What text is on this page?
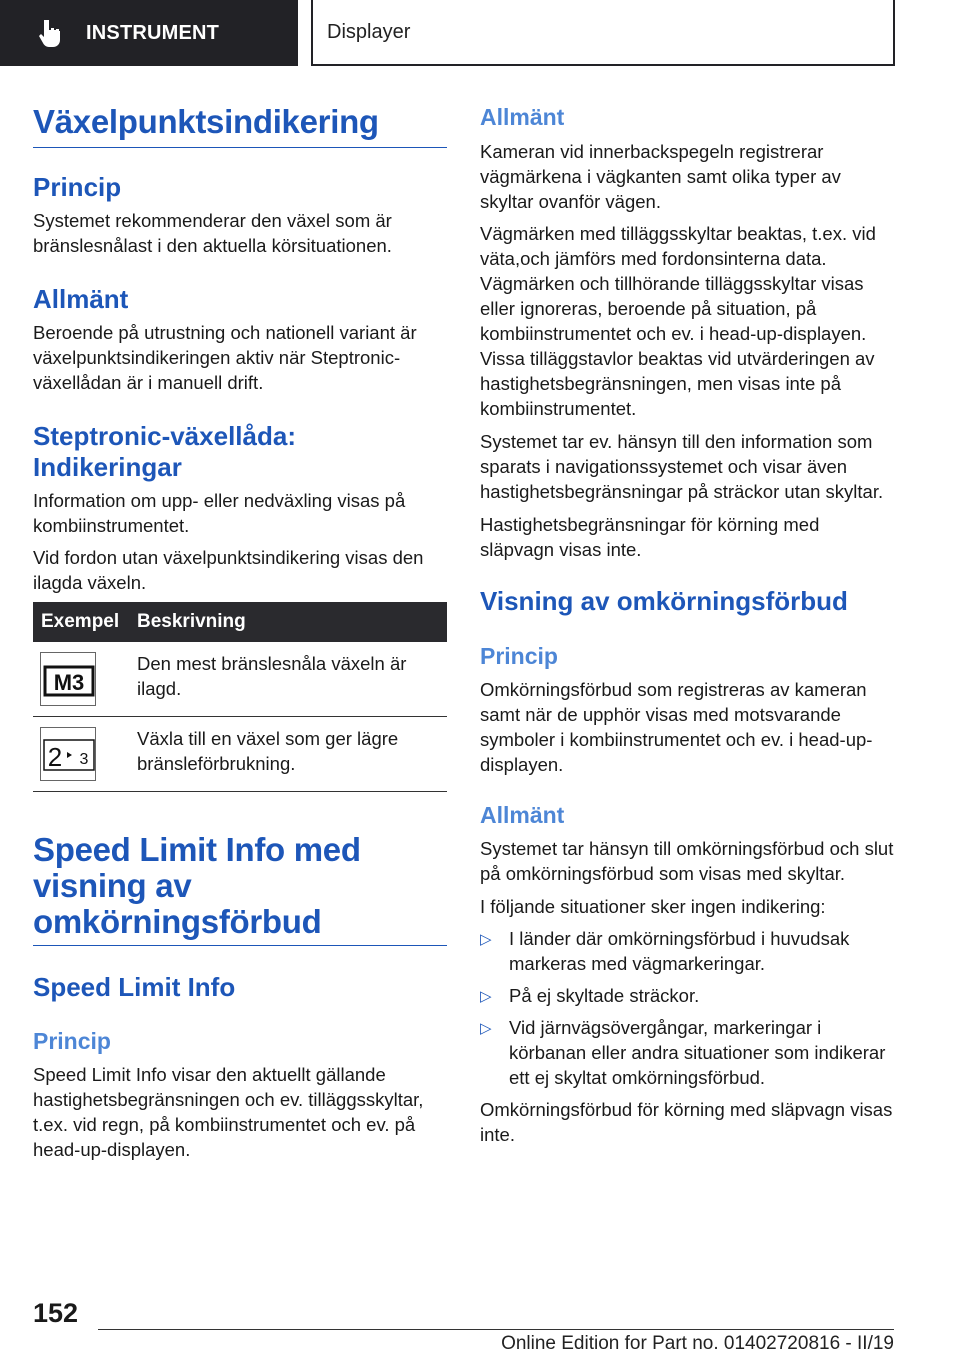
INSTRUMENT	Displayer
Växelpunktsindikering
Princip
Systemet rekommenderar den växel som är bränslesnålast i den aktuella körsituationen.
Allmänt
Beroende på utrustning och nationell variant är växelpunktsindikeringen aktiv när Steptronic-växellådan är i manuell drift.
Steptronic-växellåda:
Indikeringar
Information om upp- eller nedväxling visas på kombiinstrumentet.
Vid fordon utan växelpunktsindikering visas den ilagda växeln.
Exempel Beskrivning
M3
Den mest bränslesnåla växeln är ilagd.
2 3
Växla till en växel som ger lägre bränsleförbrukning.
Speed Limit Info med
visning av
omkörningsförbud
Speed Limit Info
Princip
Speed Limit Info visar den aktuellt gällande hastighetsbegränsningen och ev. tilläggsskyltar, t.ex. vid regn, på kombiinstrumentet och ev. på head-up-displayen.
Allmänt
Kameran vid innerbackspegeln registrerar vägmärkena i vägkanten samt olika typer av skyltar ovanför vägen.
Vägmärken med tilläggsskyltar beaktas, t.ex. vid väta,och jämförs med fordonsinterna data. Vägmärken och tillhörande tilläggsskyltar visas eller ignoreras, beroende på situation, på kombiinstrumentet och ev. i head-up-displayen. Vissa tilläggstavlor beaktas vid utvärderingen av hastighetsbegränsningen, men visas inte på kombiinstrumentet.
Systemet tar ev. hänsyn till den information som sparats i navigationssystemet och visar även hastighetsbegränsningar på sträckor utan skyltar.
Hastighetsbegränsningar för körning med släpvagn visas inte.
Visning av omkörningsförbud
Princip
Omkörningsförbud som registreras av kameran samt när de upphör visas med motsvarande symboler i kombiinstrumentet och ev. i head-up-displayen.
Allmänt
Systemet tar hänsyn till omkörningsförbud och slut på omkörningsförbud som visas med skyltar.
I följande situationer sker ingen indikering:
▷ I länder där omkörningsförbud i huvudsak markeras med vägmarkeringar.
▷ På ej skyltade sträckor.
▷ Vid järnvägsövergångar, markeringar i körbanan eller andra situationer som indikerar ett ej skyltat omkörningsförbud.
Omkörningsförbud för körning med släpvagn visas inte.
152
Online Edition for Part no. 01402720816 - II/19
